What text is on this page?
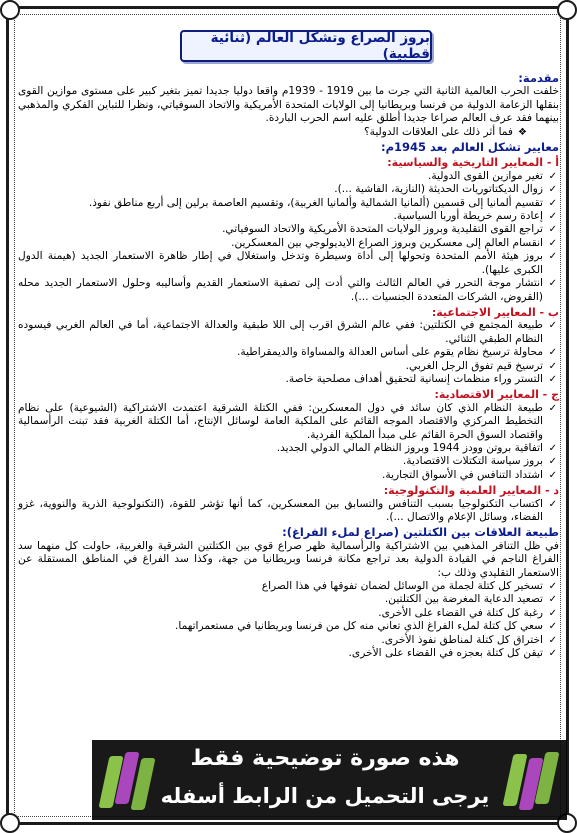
بروز الصراع وتشكل العالم (ثنائية قطبية)
مقدمة:

خلفت الحرب العالمية الثانية التي جرت ما بين 1919 - 1939م واقعا دوليا جديدا تميز بتغير كبير على مستوى موازين القوى بنقلها الزعامة الدولية من فرنسا وبريطانيا إلى الولايات المتحدة الأمريكية والاتحاد السوفياتي، ونظرا للتباين الفكري والمذهبي بينهما فقد عرف العالم صراعا جديدا أطلق عليه اسم الحرب الباردة.

❖ فما أثر ذلك على العلاقات الدولية؟

معايير تشكل العالم بعد 1945م:
أ - المعايير التاريخية والسياسية:
✓ تغير موازين القوى الدولية.
✓ زوال الديكتاتوريات الحديثة (النازية، الفاشية ...).
✓ تقسيم ألمانيا إلى قسمين (ألمانيا الشمالية وألمانيا الغربية)، وتقسيم العاصمة برلين إلى أربع مناطق نفوذ.
✓ إعادة رسم خريطة أوربا السياسية.
✓ تراجع القوى التقليدية وبروز الولايات المتحدة الأمريكية والاتحاد السوفياتي.
✓ انقسام العالم إلى معسكرين وبروز الصراع الايديولوجي بين المعسكرين.
✓ بروز هيئة الأمم المتحدة وتحولها إلى أداة وسيطرة وتدخل واستغلال في إطار ظاهرة الاستعمار الجديد (هيمنة الدول الكبرى عليها).
✓ انتشار موجة التحرر في العالم الثالث والتي أدت إلى تصفية الاستعمار القديم وأساليبه وحلول الاستعمار الجديد محله (القروض، الشركات المتعددة الجنسيات ...).
ب - المعايير الاجتماعية:
✓ طبيعة المجتمع في الكتلتين: ففي عالم الشرق اقرب إلى اللا طبقية والعدالة الاجتماعية، أما في العالم الغربي فيسوده النظام الطبقي الثنائي.
✓ محاولة ترسيخ نظام يقوم على أساس العدالة والمساواة والديمقراطية.
✓ ترسيخ قيم تفوق الرجل الغربي.
✓ التستر وراء منظمات إنسانية لتحقيق أهداف مصلحية خاصة.
ج - المعايير الاقتصادية:
✓ طبيعة النظام الذي كان سائد في دول المعسكرين: ففي الكتلة الشرقية اعتمدت الاشتراكية (الشيوعية) على نظام التخطيط المركزي والاقتصاد الموجه القائم على الملكية العامة لوسائل الإنتاج، أما الكتلة الغربية فقد تبنت الرأسمالية واقتصاد السوق الحرة القائم على مبدأ الملكية الفردية.
✓ اتفاقية بروتن وودز 1944 وبروز النظام المالي الدولي الجديد.
✓ بروز سياسة التكتلات الاقتصادية.
✓ اشتداد التنافس في الأسواق التجارية.
د - المعايير العلمية والتكنولوجية:
✓ اكتساب التكنولوجيا بسبب التنافس والتسابق بين المعسكرين، كما أنها تؤشر للقوة، (التكنولوجية الذرية والنووية، غزو الفضاء، وسائل الإعلام والاتصال ...).
طبيعة العلاقات بين الكتلتين (صراع لملء الفراغ):

في ظل التنافر المذهبي بين الاشتراكية والرأسمالية ظهر صراع قوي بين الكتلتين الشرقية والغربية، حاولت كل منهما سد الفراغ الناجم في القيادة الدولية بعد تراجع مكانة فرنسا وبريطانيا من جهة، وكذا سد الفراغ في المناطق المستقلة عن الاستعمار التقليدي وذلك ب:

✓ تسخير كل كتلة لجملة من الوسائل لضمان تفوقها في هذا الصراع
✓ تصعيد الدعاية المغرضة بين الكتلتين.
✓ رغبة كل كتلة في القضاء على الأخرى.
✓ سعي كل كتلة لملء الفراغ الذي تعاني منه كل من فرنسا وبريطانيا في مستعمراتهما.
✓ اختراق كل كتلة لمناطق نفوذ الأخرى.
✓ تيقن كل كتلة بعجزه في القضاء على الأخرى.
هذه صورة توضيحية فقط
يرجى التحميل من الرابط أسفله
